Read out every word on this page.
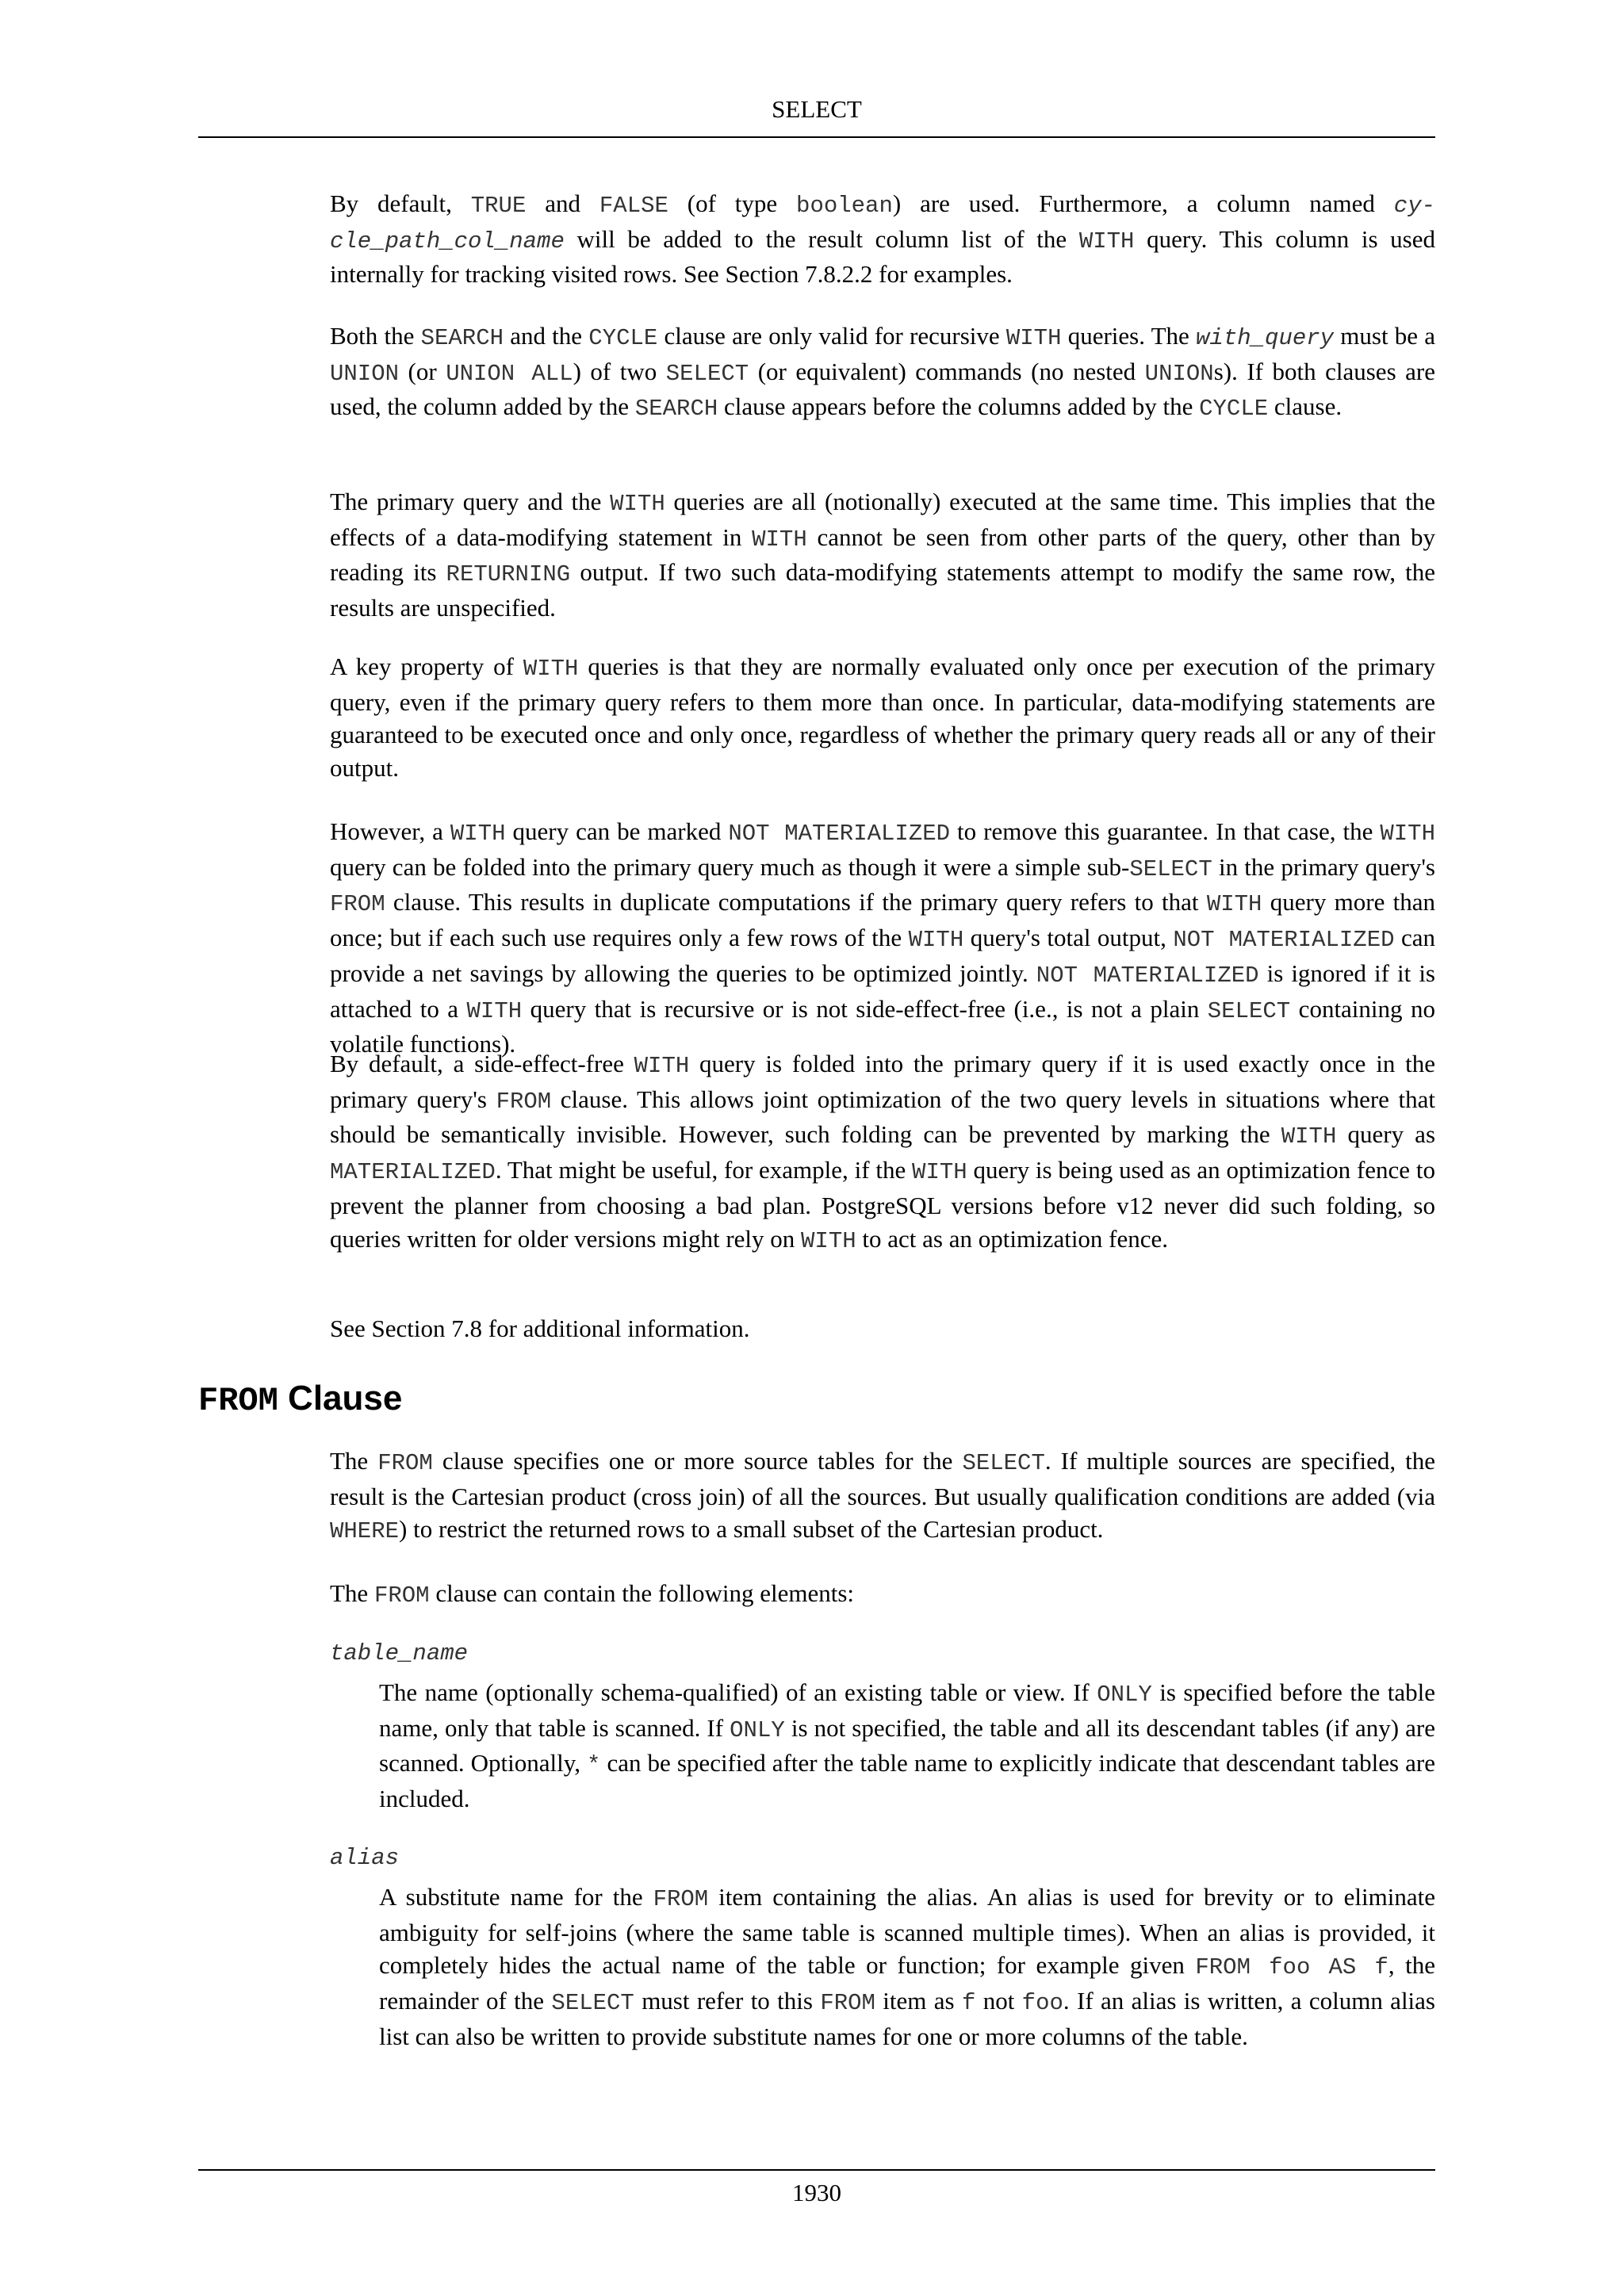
SELECT

By default, TRUE and FALSE (of type boolean) are used. Furthermore, a column named cy- cle_path_col_name will be added to the result column list of the WITH query. This column is used internally for tracking visited rows. See Section 7.8.2.2 for examples.

Both the SEARCH and the CYCLE clause are only valid for recursive WITH queries. The with_query must be a UNION (or UNION ALL) of two SELECT (or equivalent) commands (no nested UNIONs). If both clauses are used, the column added by the SEARCH clause appears before the columns added by the CYCLE clause.

The primary query and the WITH queries are all (notionally) executed at the same time. This implies that the effects of a data-modifying statement in WITH cannot be seen from other parts of the query, other than by reading its RETURNING output. If two such data-modifying statements attempt to modify the same row, the results are unspecified.

A key property of WITH queries is that they are normally evaluated only once per execution of the primary query, even if the primary query refers to them more than once. In particular, data-modifying statements are guaranteed to be executed once and only once, regardless of whether the primary query reads all or any of their output.

However, a WITH query can be marked NOT MATERIALIZED to remove this guarantee. In that case, the WITH query can be folded into the primary query much as though it were a simple sub-SELECT in the primary query's FROM clause. This results in duplicate computations if the primary query refers to that WITH query more than once; but if each such use requires only a few rows of the WITH query's total output, NOT MATERIALIZED can provide a net savings by allowing the queries to be optimized jointly. NOT MATERIALIZED is ignored if it is attached to a WITH query that is recursive or is not side-effect-free (i.e., is not a plain SELECT containing no volatile functions).

By default, a side-effect-free WITH query is folded into the primary query if it is used exactly once in the primary query's FROM clause. This allows joint optimization of the two query levels in situations where that should be semantically invisible. However, such folding can be prevented by marking the WITH query as MATERIALIZED. That might be useful, for example, if the WITH query is being used as an optimization fence to prevent the planner from choosing a bad plan. PostgreSQL versions before v12 never did such folding, so queries written for older versions might rely on WITH to act as an optimization fence.

See Section 7.8 for additional information.

FROM Clause

The FROM clause specifies one or more source tables for the SELECT. If multiple sources are specified, the result is the Cartesian product (cross join) of all the sources. But usually qualification conditions are added (via WHERE) to restrict the returned rows to a small subset of the Cartesian product.

The FROM clause can contain the following elements:

table_name

The name (optionally schema-qualified) of an existing table or view. If ONLY is specified before the table name, only that table is scanned. If ONLY is not specified, the table and all its descendant tables (if any) are scanned. Optionally, * can be specified after the table name to explicitly indicate that descendant tables are included.

alias

A substitute name for the FROM item containing the alias. An alias is used for brevity or to eliminate ambiguity for self-joins (where the same table is scanned multiple times). When an alias is provided, it completely hides the actual name of the table or function; for example given FROM foo AS f, the remainder of the SELECT must refer to this FROM item as f not foo. If an alias is written, a column alias list can also be written to provide substitute names for one or more columns of the table.

1930
